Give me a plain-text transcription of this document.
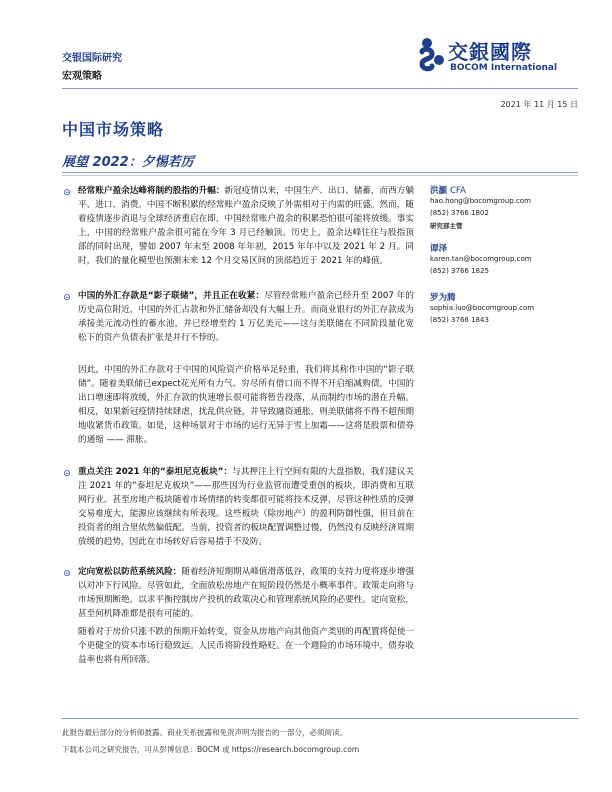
交银国际研究
宏观策略
交銀國際
BOCOM International
2021 年 11 月 15 日
中国市场策略
展望 2022：夕惕若厉
⊝ 经常账户盈余达峰将制约股指的升幅：新冠疫情以来，中国生产、出口、储蓄，而西方躺平、进口、消费。中国不断积累的经常账户盈余反映了外需相对于内需的旺盛。然而，随着疫情逐步消退与全球经济重启在即，中国经常账户盈余的积累恐怕很可能将放缓。事实上，中国的经常账户盈余很可能在今年 3 月已经触顶。历史上，盈余达峰往往与股指顶部的同时出现，譬如 2007 年末至 2008 年年初，2015 年年中以及 2021 年 2 月。同时，我们的量化模型也预测未来 12 个月交易区间的顶部趋近于 2021 年的峰值。
⊝ 中国的外汇存款是“影子联储”，并且正在收紧：尽管经常账户盈余已经升至 2007 年的历史高位附近，中国的外汇占款和外汇储备却没有大幅上升。而商业银行的外汇存款成为承接美元流动性的蓄水池，并已经增至约 1 万亿美元——这与美联储在不同阶段量化宽松下的资产负债表扩张是并行不悖的。
因此，中国的外汇存款对于中国的风险资产价格举足轻重，我们将其称作中国的“影子联储”。随着美联储已expect花光所有力气、穷尽所有借口而不得不开启缩减购债，中国的出口增速即将放缓，外汇存款的快速增长很可能将暂告段落，从而制约市场的潜在升幅。相反，如果新冠疫情持续肆虐，扰乱供应链，并导致融资通胀，则美联储将不得不超预期地收紧货币政策。如是，这种场景对于市场的运行无异于雪上加霜——这将是股票和债券的通缩 —— 滞胀。
⊝ 重点关注 2021 年的“泰坦尼克板块”：与其押注上行空间有限的大盘指数，我们建议关注 2021 年的“泰坦尼克板块”——那些因为行业监管而遭受重创的板块，即消费和互联网行业。甚至房地产板块随着市场情绪的转变都很可能将技术反弹，尽管这种性质的反弹交易难度大，能源应该继续有所表现。这些板块（除房地产）的盈利防御性强，但目前在投资者的组合里依然偏低配。当前，投资者的板块配置调整过慢，仍然没有反映经济周期放缓的趋势，因此在市场转好后容易措手不及防。
⊝ 定向宽松以防范系统风险：随着经济短期期从峰值滑落低谷，政策的支持力度将逐步增强以对冲下行风险。尽管如此，全面放松房地产在短阶段仍然是小概率事件。政策走向将与市场预期断绝，以求平衡控制房产投机的政策决心和管理系统风险的必要性。定向宽松，甚至何机降准都是很有可能的。
随着对于房价只涨不跌的预期开始转变，资金从房地产向其他资产类别的再配置将促使一个更健全的资本市场行稳致远。人民币将阶段性略贬。在一个週险的市场环境中，债券收益率也将有所回落。
洪灝 CFA
hao.hong@bocomgroup.com
(852) 3766 1802
研究部主管
谭泽
karen.tan@bocomgroup.com
(852) 3766 1825
罗为腾
sophia.luo@bocomgroup.com
(852) 3766 1843
此报告最后部分的分析师披露、商业关系披露和免责声明为报告的一部分，必须阅读。
下载本公司之研究报告，可从彭博信息：BOCM 或 https://research.bocomgroup.com
